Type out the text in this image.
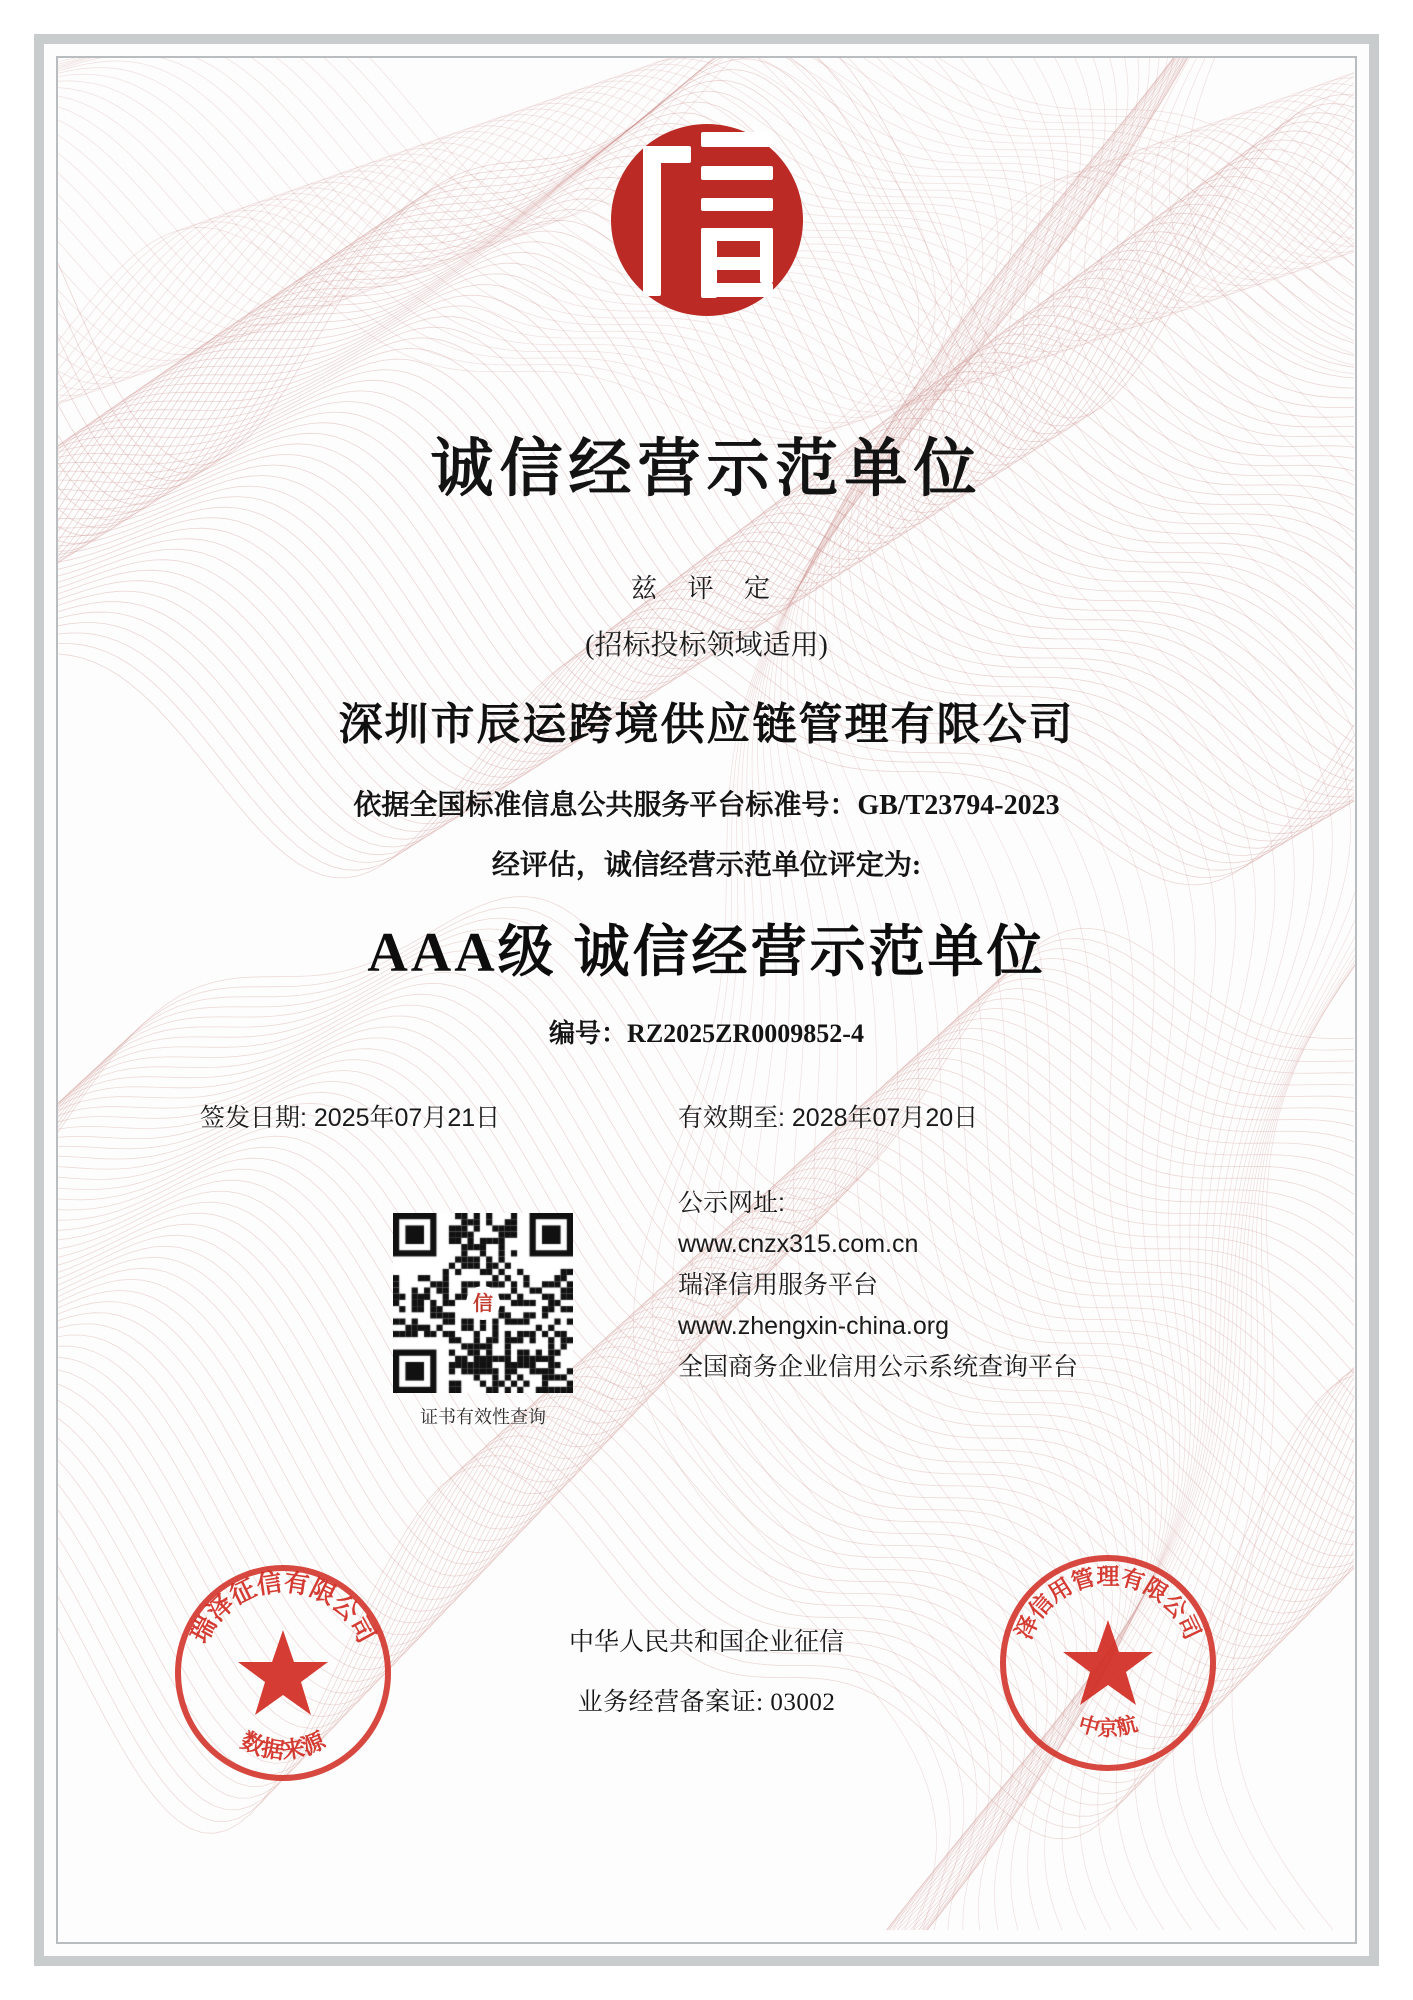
诚信经营示范单位
兹 评 定
(招标投标领域适用)
深圳市辰运跨境供应链管理有限公司
依据全国标准信息公共服务平台标准号：GB/T23794-2023
经评估，诚信经营示范单位评定为:
AAA级 诚信经营示范单位
编号：RZ2025ZR0009852-4
签发日期: 2025年07月21日	有效期至: 2028年07月20日
公示网址:
www.cnzx315.com.cn
瑞泽信用服务平台
www.zhengxin-china.org
全国商务企业信用公示系统查询平台
信
证书有效性查询
瑞泽征信有限公司
数据来源
泽信用管理有限公司
中京航
中华人民共和国企业征信
业务经营备案证: 03002
